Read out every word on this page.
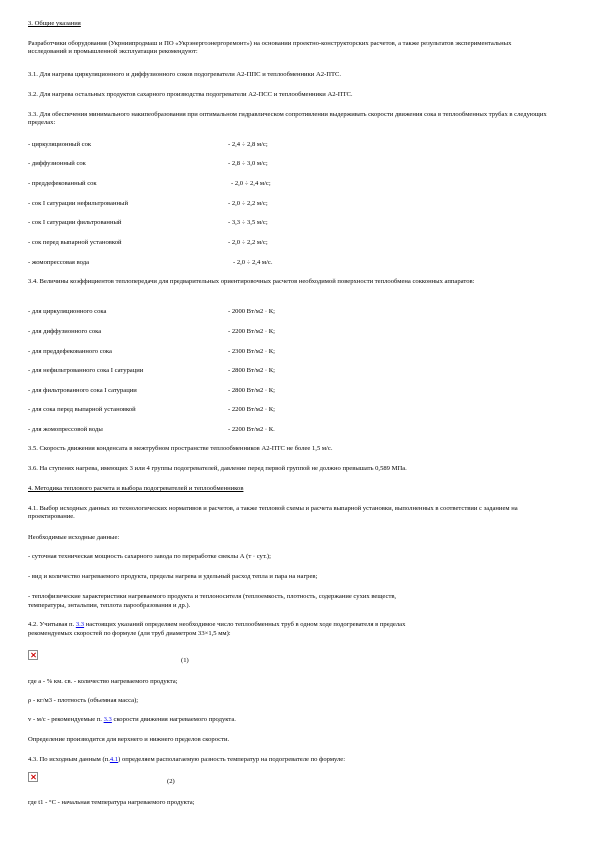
3. Общие указания
Разработчики оборудования (Укрниипродмаш и ПО «Укрэнергоэнергоремонт») на основании проектно-конструкторских расчетов, а также результатов экспериментальных исследований и промышленной эксплуатации рекомендуют:
3.1. Для нагрева циркуляционного и диффузионного соков подогреватели А2-ППС и теплообменники А2-ПТС.
3.2. Для нагрева остальных продуктов сахарного производства подогреватели А2-ПСС и теплообменники А2-ПТС.
3.3. Для обеспечения минимального накипеобразования при оптимальном гидравлическом сопротивлении выдерживать скорости движения сока в теплообменных трубах в следующих пределах:
- циркуляционный сок	- 2,4 ÷ 2,8 м/с;
- диффузионный сок	- 2,8 ÷ 3,0 м/с;
- преддефекованный сок	- 2,0 ÷ 2,4 м/с;
- сок I сатурации нефильтрованный	- 2,0 ÷ 2,2 м/с;
- сок I сатурации фильтрованный	- 3,3 ÷ 3,5 м/с;
- сок перед выпарной установкой	- 2,0 ÷ 2,2 м/с;
- жомопрессовая вода	- 2,0 ÷ 2,4 м/с.
3.4. Величины коэффициентов теплопередачи для предварительных ориентировочных расчетов необходимой поверхности теплообмена сокконных аппаратов:
- для циркуляционного сока	- 2000 Вт/м2 · К;
- для диффузионного сока	- 2200 Вт/м2 · К;
- для преддефекованного сока	- 2300 Вт/м2 · К;
- для нефильтрованного сока I сатурации	- 2800 Вт/м2 · К;
- для фильтрованного сока I сатурации	- 2800 Вт/м2 · К;
- для сока перед выпарной установкой	- 2200 Вт/м2 · К;
- для жомопрессовой воды	- 2200 Вт/м2 · К.
3.5. Скорость движения конденсата в межтрубном пространстве теплообменников А2-ПТС не более 1,5 м/с.
3.6. На ступенях нагрева, имеющих 3 или 4 группы подогревателей, давление перед первой группой не должно превышать 0,589 МПа.
4. Методика теплового расчета и выбора подогревателей и теплообменников
4.1. Выбор исходных данных из технологических нормативов и расчетов, а также тепловой схемы и расчета выпарной установки, выполненных в соответствии с заданием на проектирование.
Необходимые исходные данные:
- суточная техническая мощность сахарного завода по переработке свеклы А (т · сут.);
- вид и количество нагреваемого продукта, пределы нагрева и удельный расход тепла и пара на нагрев;
- теплофизические характеристики нагреваемого продукта и теплоносителя (теплоемкость, плотность, содержание сухих веществ,
температуры, энтальпии, теплота парообразования и др.).
4.2. Учитывая п. 3.3 настоящих указаний определяем необходимое число теплообменных труб в одном ходе подогревателя в пределах
рекомендуемых скоростей по формуле (для труб диаметром 33×1,5 мм):
(1)
где а - % км. св. - количество нагреваемого продукта;
ρ - кг/м3 - плотность (объемная масса);
v - м/с - рекомендуемые п. 3.3 скорости движения нагреваемого продукта.
Определение производится для верхнего и нижнего пределов скорости.
4.3. По исходным данным (п.4.1) определяем располагаемую разность температур на подогревателе по формуле:
(2)
где t1 - °C - начальная температура нагреваемого продукта;
